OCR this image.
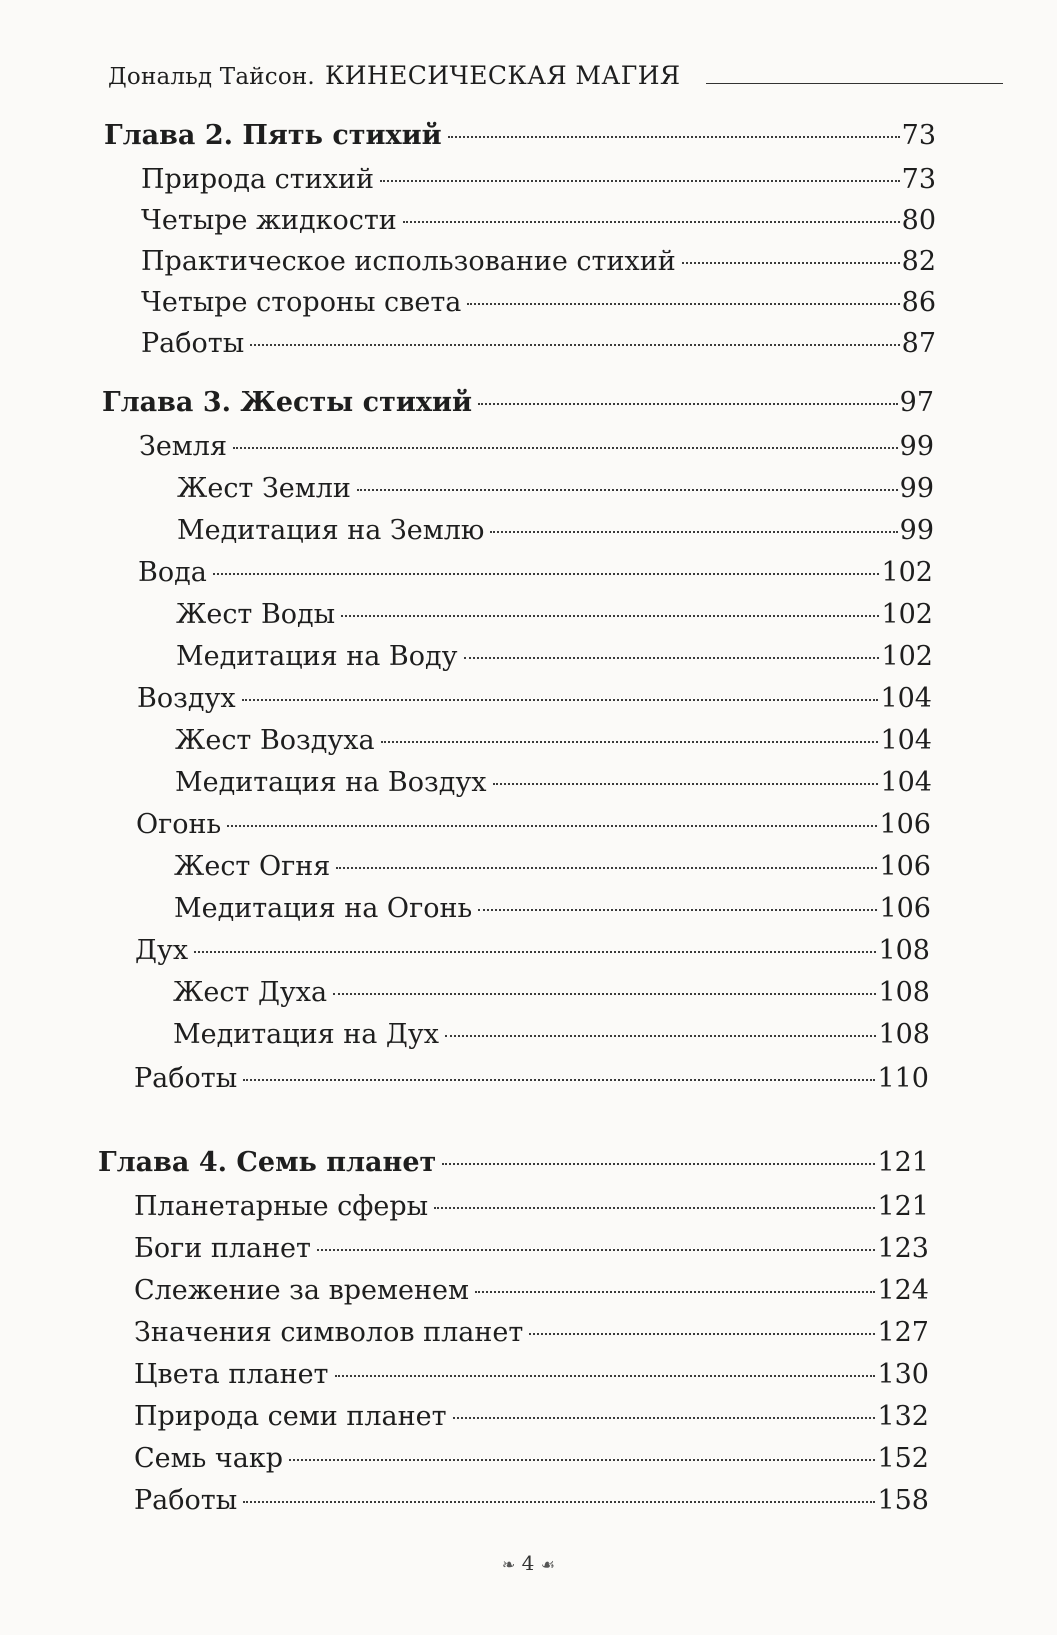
Дональд Тайсон. КИНЕСИЧЕСКАЯ МАГИЯ
Глава 2. Пять стихий	73
Природа стихий	73
Четыре жидкости	80
Практическое использование стихий	82
Четыре стороны света	86
Работы	87
Глава 3. Жесты стихий	97
Земля	99
Жест Земли	99
Медитация на Землю	99
Вода	102
Жест Воды	102
Медитация на Воду	102
Воздух	104
Жест Воздуха	104
Медитация на Воздух	104
Огонь	106
Жест Огня	106
Медитация на Огонь	106
Дух	108
Жест Духа	108
Медитация на Дух	108
Работы	110
Глава 4. Семь планет	121
Планетарные сферы	121
Боги планет	123
Слежение за временем	124
Значения символов планет	127
Цвета планет	130
Природа семи планет	132
Семь чакр	152
Работы	158
❧ 4 ☙
